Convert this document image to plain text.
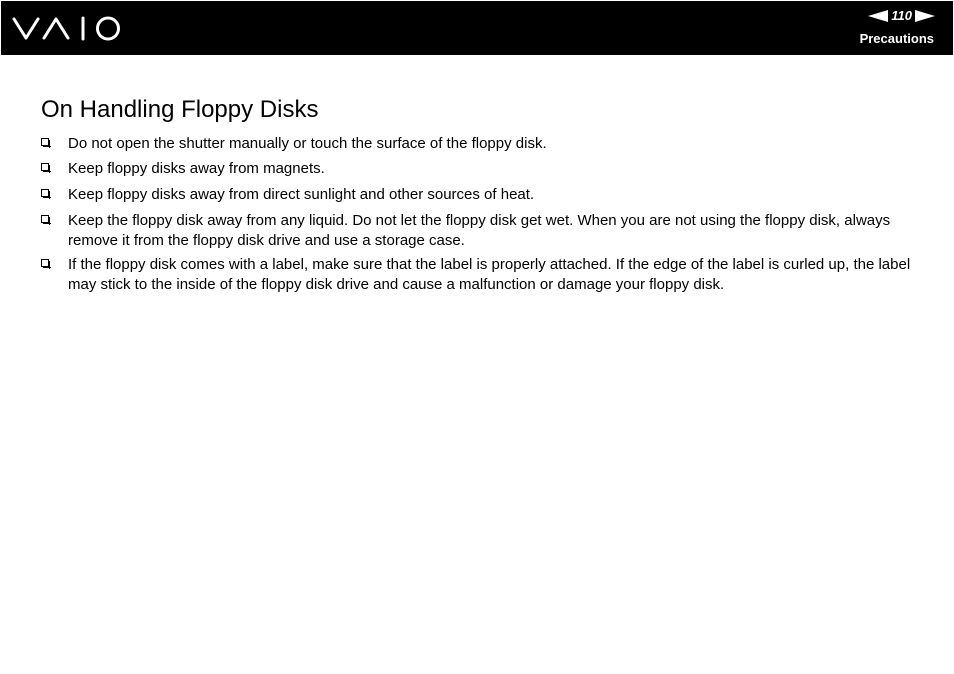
110
Precautions
On Handling Floppy Disks
Do not open the shutter manually or touch the surface of the floppy disk.
Keep floppy disks away from magnets.
Keep floppy disks away from direct sunlight and other sources of heat.
Keep the floppy disk away from any liquid. Do not let the floppy disk get wet. When you are not using the floppy disk, always remove it from the floppy disk drive and use a storage case.
If the floppy disk comes with a label, make sure that the label is properly attached. If the edge of the label is curled up, the label may stick to the inside of the floppy disk drive and cause a malfunction or damage your floppy disk.
